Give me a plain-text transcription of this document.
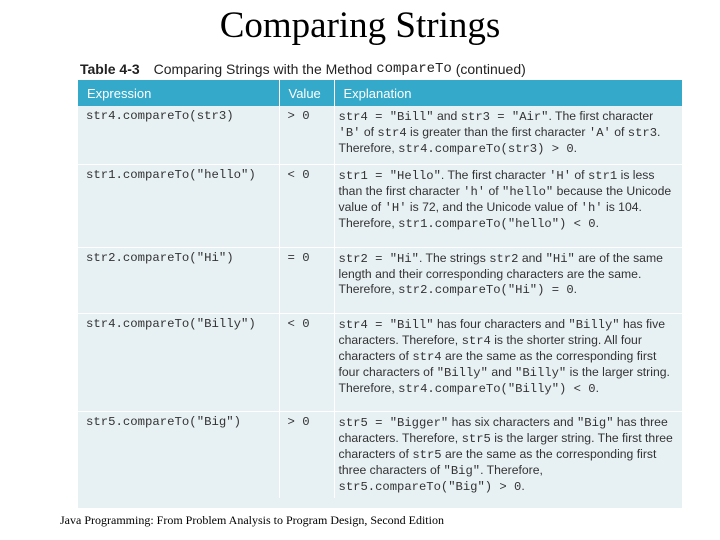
Comparing Strings
Table 4-3 Comparing Strings with the Method
compareTo
(continued)
Expression	Value	Explanation
str4.compareTo(str3)	> 0	str4 = "Bill" and str3 = "Air". The first character 'B' of str4 is greater than the first character 'A' of str3. Therefore, str4.compareTo(str3) > 0.
str1.compareTo("hello")	< 0	str1 = "Hello". The first character 'H' of str1 is less than the first character 'h' of "hello" because the Unicode value of 'H' is 72, and the Unicode value of 'h' is 104. Therefore, str1.compareTo("hello") < 0.
str2.compareTo("Hi")	= 0	str2 = "Hi". The strings str2 and "Hi" are of the same length and their corresponding characters are the same. Therefore, str2.compareTo("Hi") = 0.
str4.compareTo("Billy")	< 0	str4 = "Bill" has four characters and "Billy" has five characters. Therefore, str4 is the shorter string. All four characters of str4 are the same as the corresponding first four characters of "Billy" and "Billy" is the larger string. Therefore, str4.compareTo("Billy") < 0.
str5.compareTo("Big")	> 0	str5 = "Bigger" has six characters and "Big" has three characters. Therefore, str5 is the larger string. The first three characters of str5 are the same as the corresponding first three characters of "Big". Therefore, str5.compareTo("Big") > 0.
Java Programming: From Problem Analysis to Program Design, Second Edition
